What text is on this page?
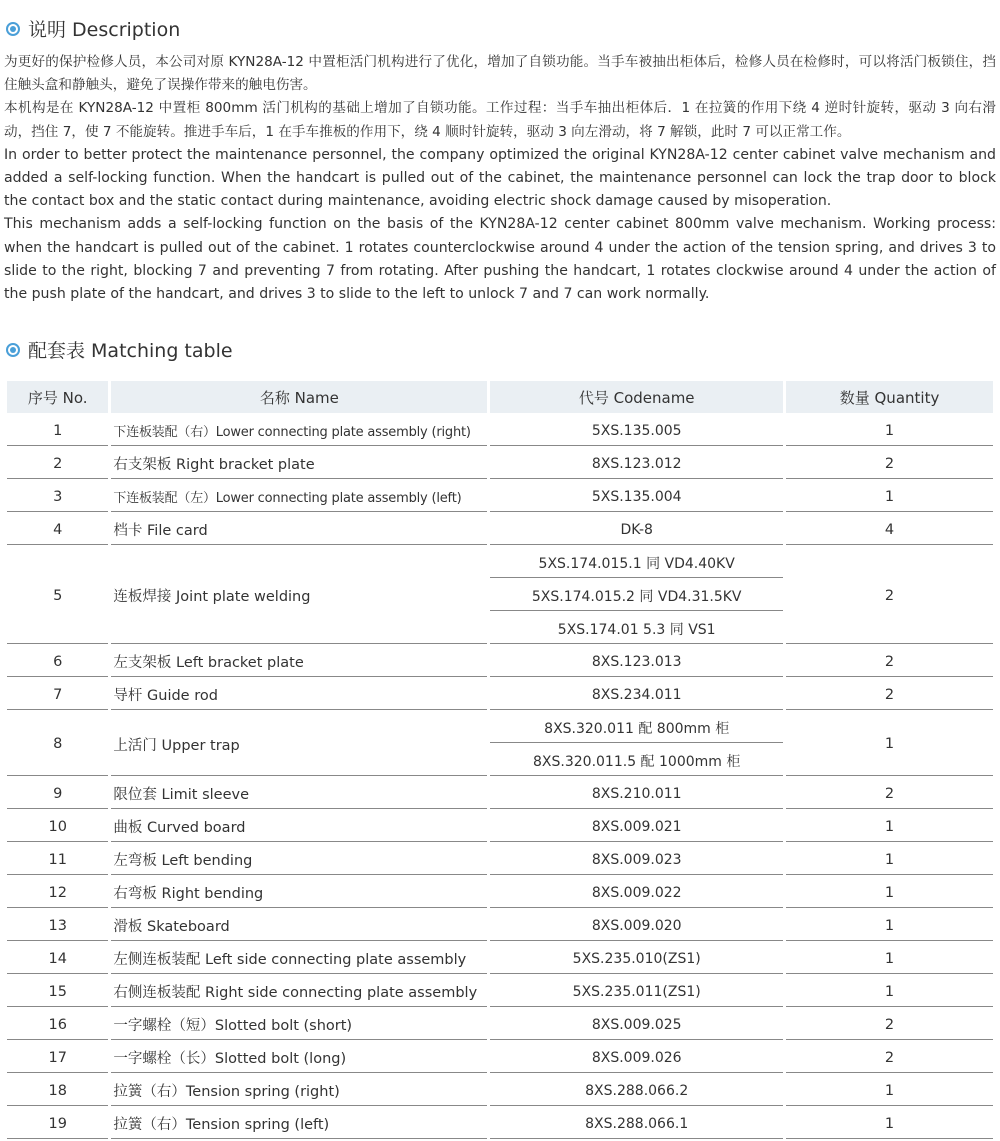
说明 Description

为更好的保护检修人员，本公司对原 KYN28A-12 中置柜活门机构进行了优化，增加了自锁功能。当手车被抽出柜体后，检修人员在检修时，可以将活门板锁住，挡住触头盒和静触头，避免了误操作带来的触电伤害。

本机构是在 KYN28A-12 中置柜 800mm 活门机构的基础上增加了自锁功能。工作过程：当手车抽出柜体后．1 在拉簧的作用下绕 4 逆时针旋转，驱动 3 向右滑动，挡住 7，使 7 不能旋转。推进手车后，1 在手车推板的作用下，绕 4 顺时针旋转，驱动 3 向左滑动，将 7 解锁，此时 7 可以正常工作。

In order to better protect the maintenance personnel, the company optimized the original KYN28A-12 center cabinet valve mechanism and added a self-locking function. When the handcart is pulled out of the cabinet, the maintenance personnel can lock the trap door to block the contact box and the static contact during maintenance, avoiding electric shock damage caused by misoperation.

This mechanism adds a self-locking function on the basis of the KYN28A-12 center cabinet 800mm valve mechanism. Working process: when the handcart is pulled out of the cabinet. 1 rotates counterclockwise around 4 under the action of the tension spring, and drives 3 to slide to the right, blocking 7 and preventing 7 from rotating. After pushing the handcart, 1 rotates clockwise around 4 under the action of the push plate of the handcart, and drives 3 to slide to the left to unlock 7 and 7 can work normally.

配套表 Matching table
序号 No.	名称 Name	代号 Codename	数量 Quantity
1	下连板装配（右）Lower connecting plate assembly (right)	5XS.135.005	1
2	右支架板 Right bracket plate	8XS.123.012	2
3	下连板装配（左）Lower connecting plate assembly (left)	5XS.135.004	1
4	档卡 File card	DK-8	4
5	连板焊接 Joint plate welding	5XS.174.015.1 同 VD4.40KV	2
		5XS.174.015.2 同 VD4.31.5KV	
		5XS.174.01 5.3 同 VS1	
6	左支架板 Left bracket plate	8XS.123.013	2
7	导杆 Guide rod	8XS.234.011	2
8	上活门 Upper trap	8XS.320.011 配 800mm 柜	1
		8XS.320.011.5 配 1000mm 柜	
9	限位套 Limit sleeve	8XS.210.011	2
10	曲板 Curved board	8XS.009.021	1
11	左弯板 Left bending	8XS.009.023	1
12	右弯板 Right bending	8XS.009.022	1
13	滑板 Skateboard	8XS.009.020	1
14	左侧连板装配 Left side connecting plate assembly	5XS.235.010(ZS1)	1
15	右侧连板装配 Right side connecting plate assembly	5XS.235.011(ZS1)	1
16	一字螺栓（短）Slotted bolt (short)	8XS.009.025	2
17	一字螺栓（长）Slotted bolt (long)	8XS.009.026	2
18	拉簧（右）Tension spring (right)	8XS.288.066.2	1
19	拉簧（右）Tension spring (left)	8XS.288.066.1	1
